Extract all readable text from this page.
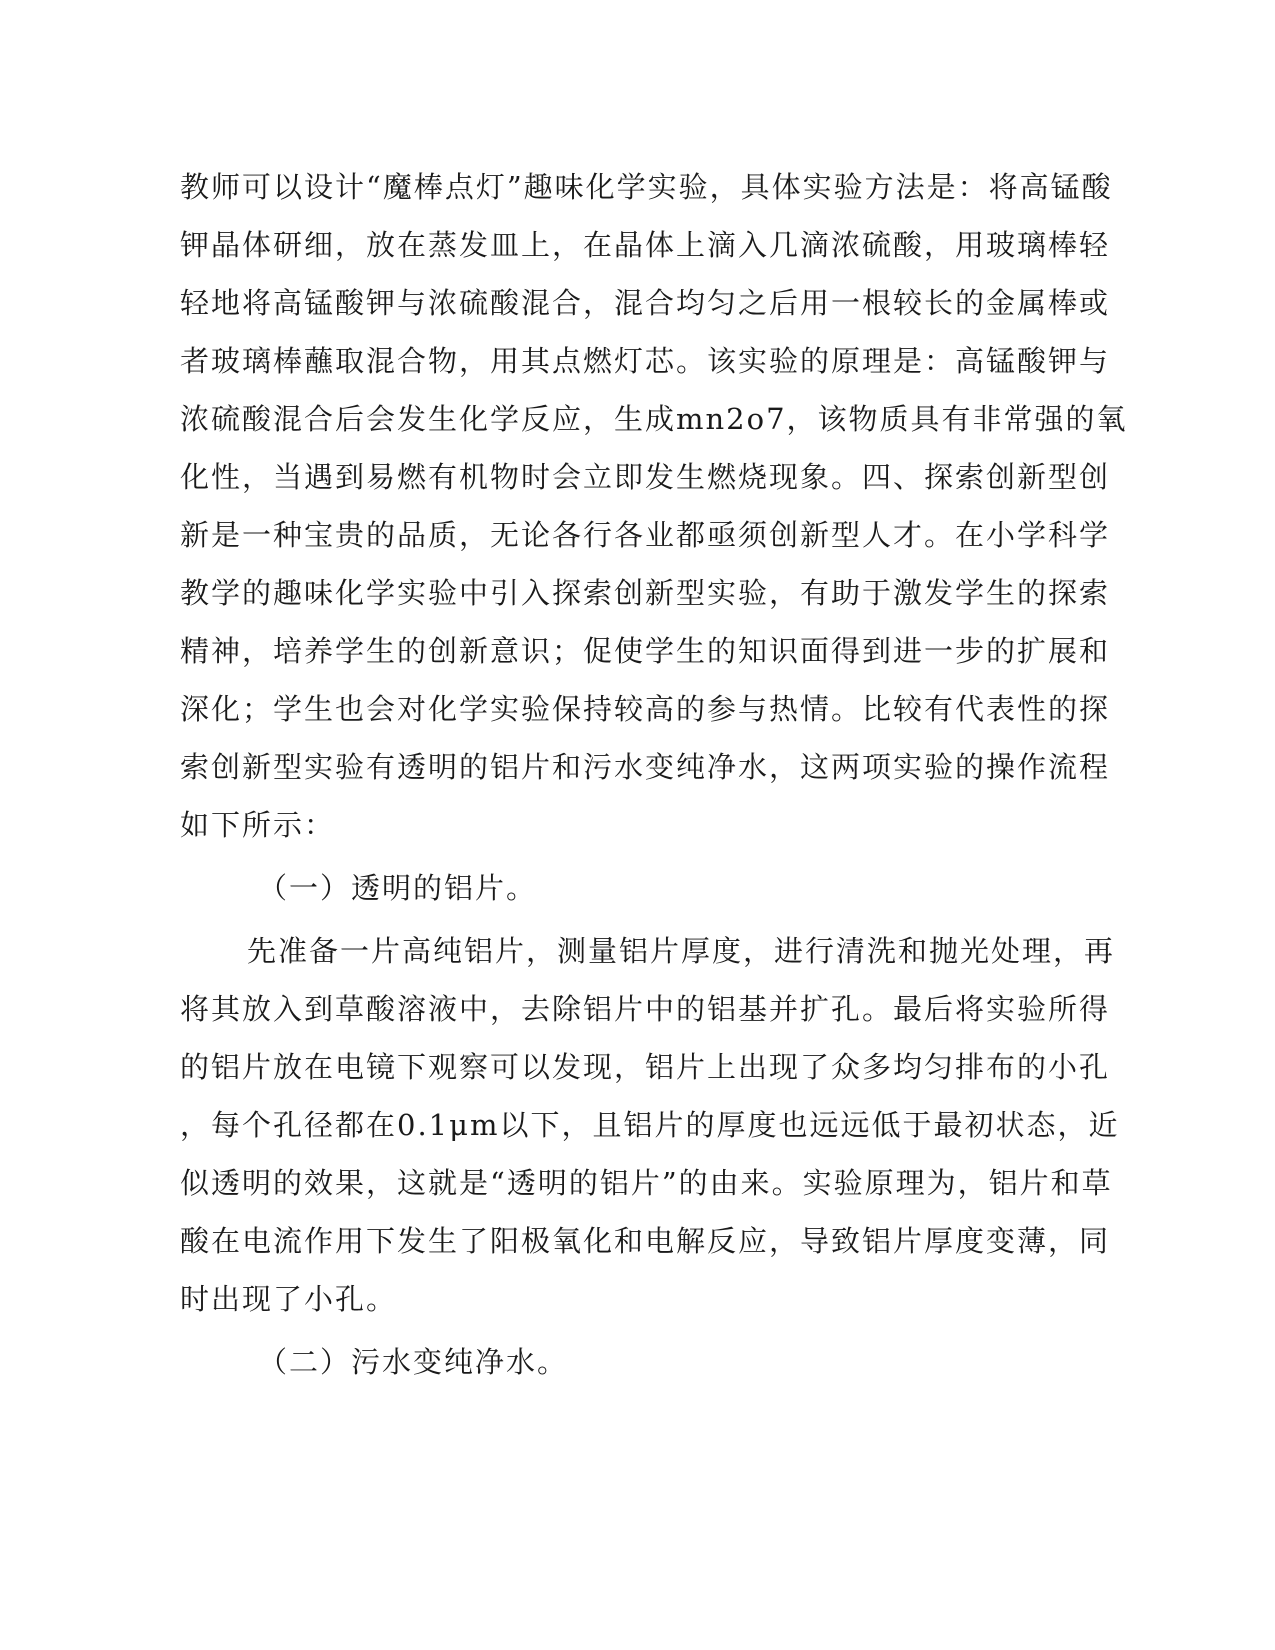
教师可以设计“魔棒点灯”趣味化学实验，具体实验方法是：将高锰酸
钾晶体研细，放在蒸发皿上，在晶体上滴入几滴浓硫酸，用玻璃棒轻
轻地将高锰酸钾与浓硫酸混合，混合均匀之后用一根较长的金属棒或
者玻璃棒蘸取混合物，用其点燃灯芯。该实验的原理是：高锰酸钾与
浓硫酸混合后会发生化学反应，生成mn2o7，该物质具有非常强的氧
化性，当遇到易燃有机物时会立即发生燃烧现象。四、探索创新型创
新是一种宝贵的品质，无论各行各业都亟须创新型人才。在小学科学
教学的趣味化学实验中引入探索创新型实验，有助于激发学生的探索
精神，培养学生的创新意识；促使学生的知识面得到进一步的扩展和
深化；学生也会对化学实验保持较高的参与热情。比较有代表性的探
索创新型实验有透明的铝片和污水变纯净水，这两项实验的操作流程
如下所示：
（一）透明的铝片。
先准备一片高纯铝片，测量铝片厚度，进行清洗和抛光处理，再
将其放入到草酸溶液中，去除铝片中的铝基并扩孔。最后将实验所得
的铝片放在电镜下观察可以发现，铝片上出现了众多均匀排布的小孔
，每个孔径都在0.1μm以下，且铝片的厚度也远远低于最初状态，近
似透明的效果，这就是“透明的铝片”的由来。实验原理为，铝片和草
酸在电流作用下发生了阳极氧化和电解反应，导致铝片厚度变薄，同
时出现了小孔。
（二）污水变纯净水。
